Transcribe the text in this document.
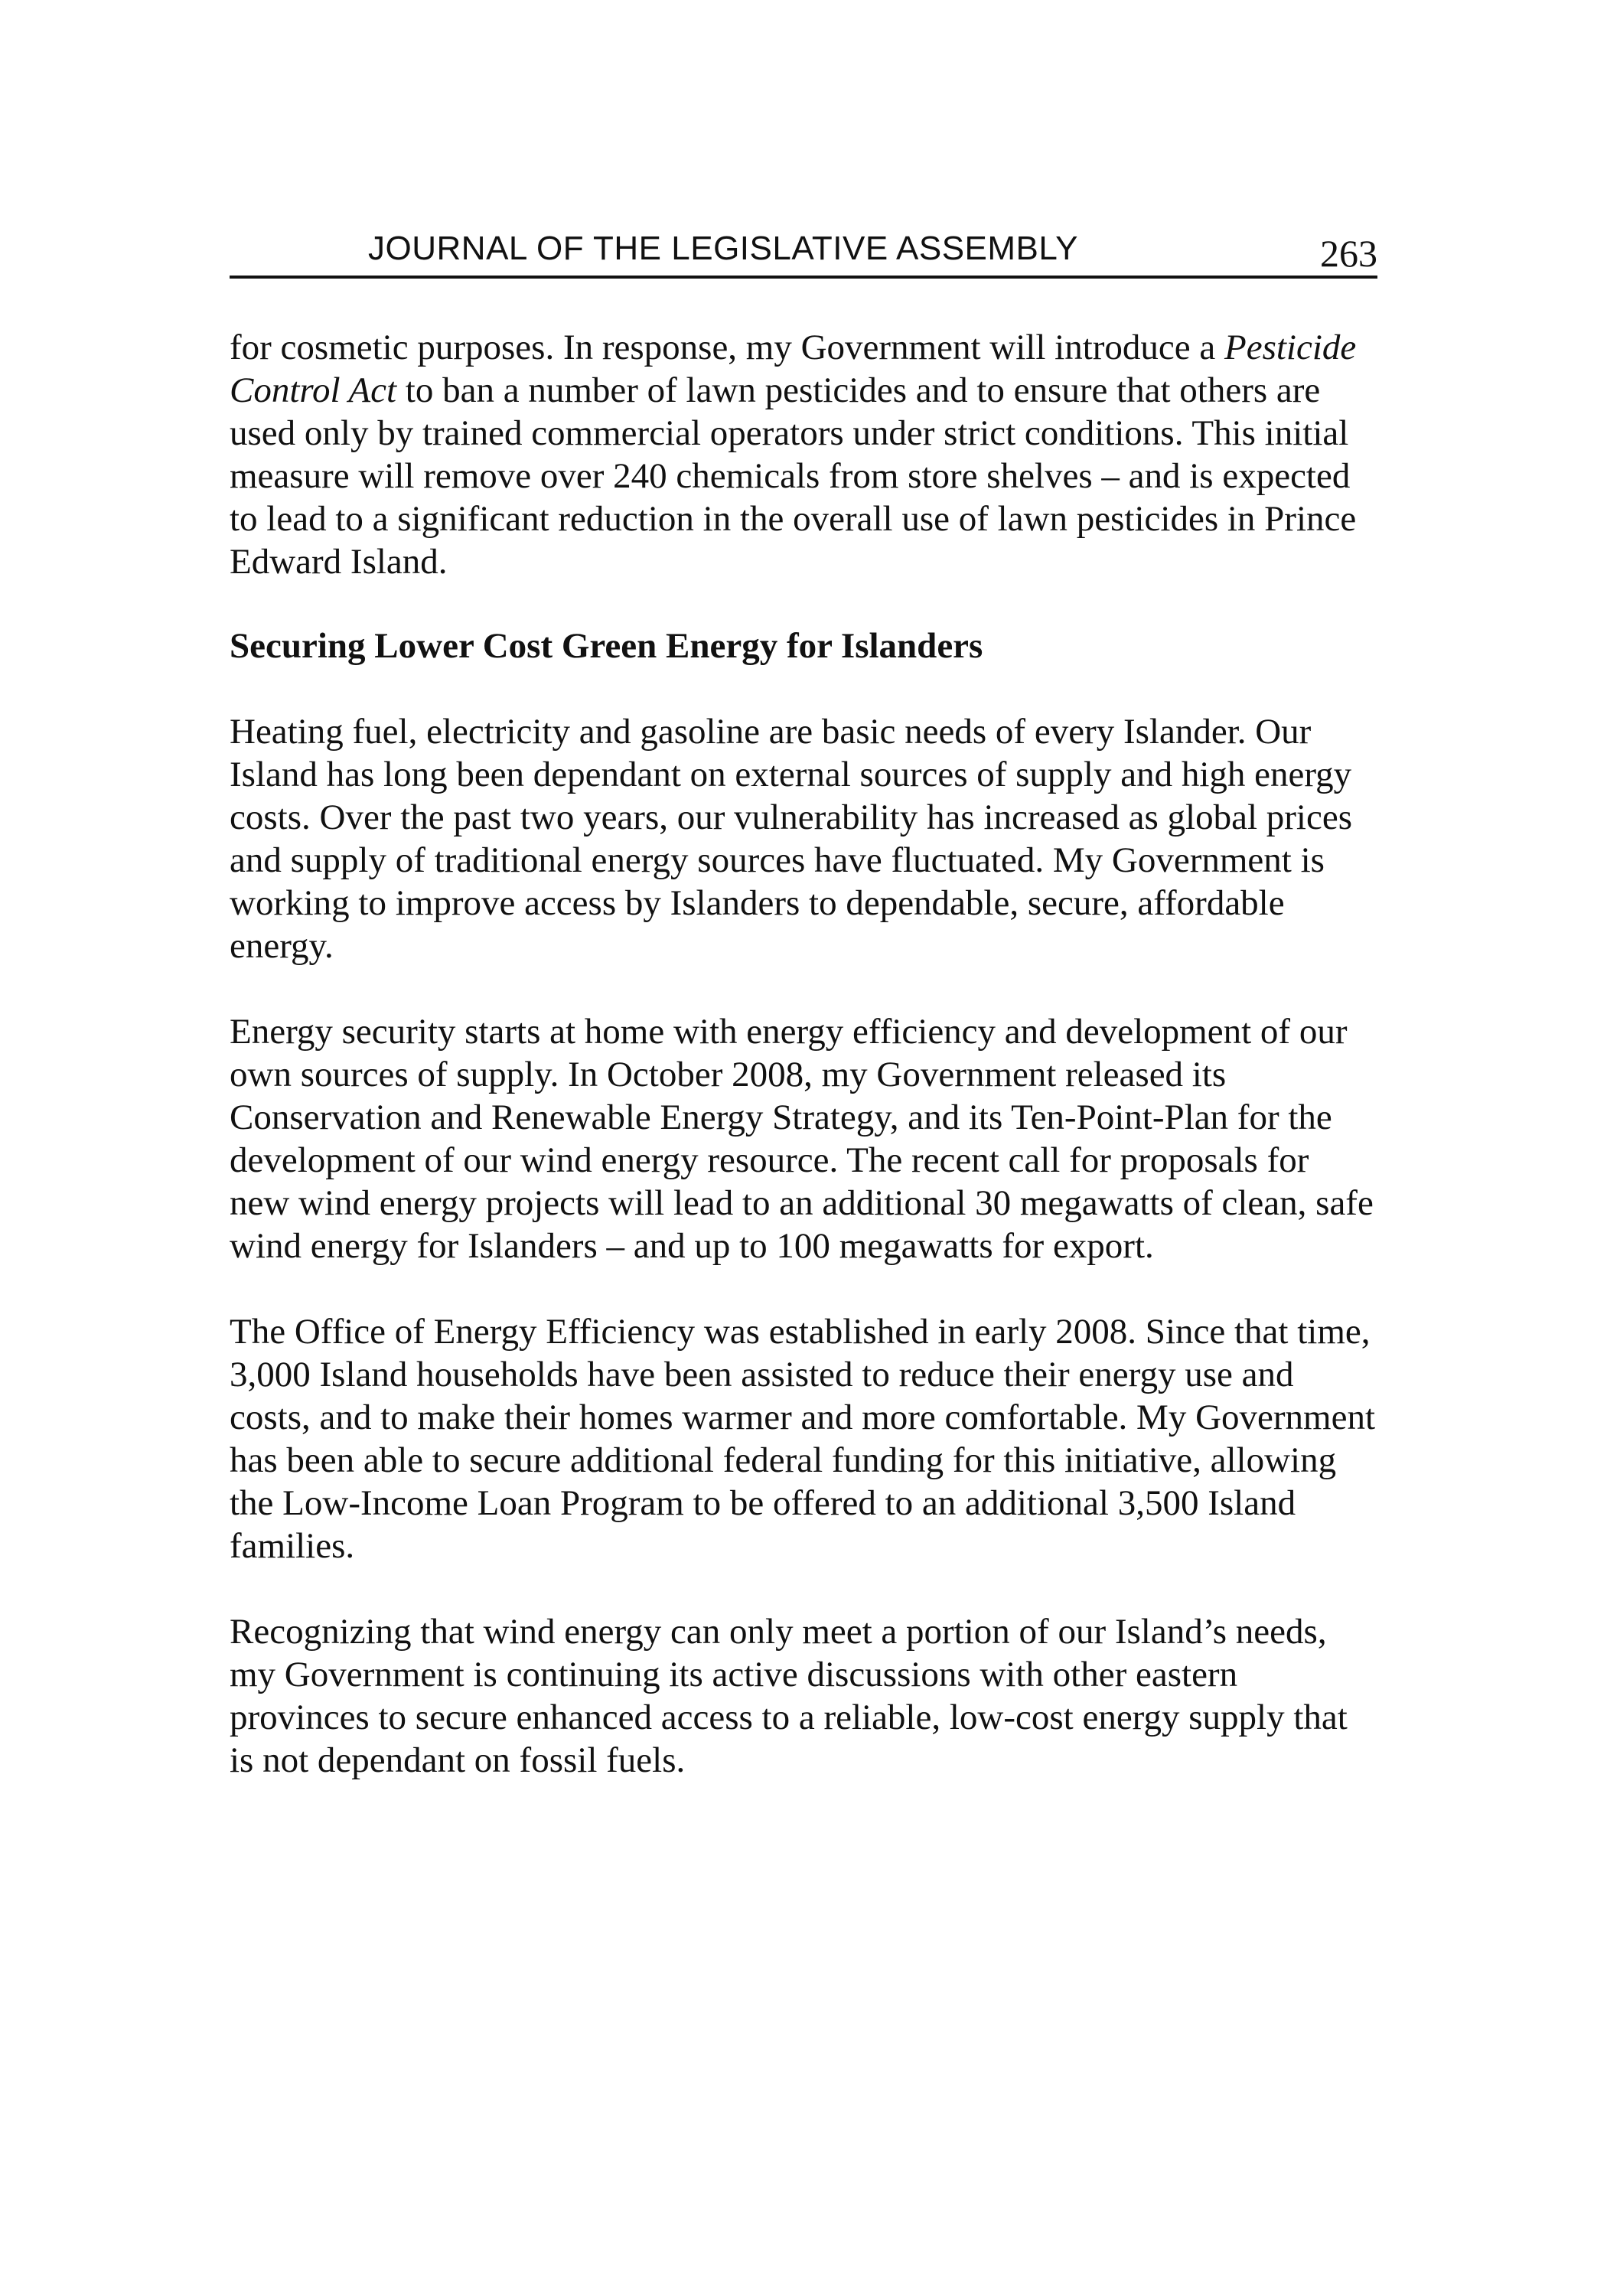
JOURNAL OF THE LEGISLATIVE ASSEMBLY	263

for cosmetic purposes. In response, my Government will introduce a Pesticide Control Act to ban a number of lawn pesticides and to ensure that others are used only by trained commercial operators under strict conditions. This initial measure will remove over 240 chemicals from store shelves – and is expected to lead to a significant reduction in the overall use of lawn pesticides in Prince Edward Island.

Securing Lower Cost Green Energy for Islanders

Heating fuel, electricity and gasoline are basic needs of every Islander. Our Island has long been dependant on external sources of supply and high energy costs. Over the past two years, our vulnerability has increased as global prices and supply of traditional energy sources have fluctuated. My Government is working to improve access by Islanders to dependable, secure, affordable energy.

Energy security starts at home with energy efficiency and development of our own sources of supply. In October 2008, my Government released its Conservation and Renewable Energy Strategy, and its Ten-Point-Plan for the development of our wind energy resource. The recent call for proposals for new wind energy projects will lead to an additional 30 megawatts of clean, safe wind energy for Islanders – and up to 100 megawatts for export.

The Office of Energy Efficiency was established in early 2008. Since that time, 3,000 Island households have been assisted to reduce their energy use and costs, and to make their homes warmer and more comfortable. My Government has been able to secure additional federal funding for this initiative, allowing the Low-Income Loan Program to be offered to an additional 3,500 Island families.

Recognizing that wind energy can only meet a portion of our Island’s needs, my Government is continuing its active discussions with other eastern provinces to secure enhanced access to a reliable, low-cost energy supply that is not dependant on fossil fuels.
